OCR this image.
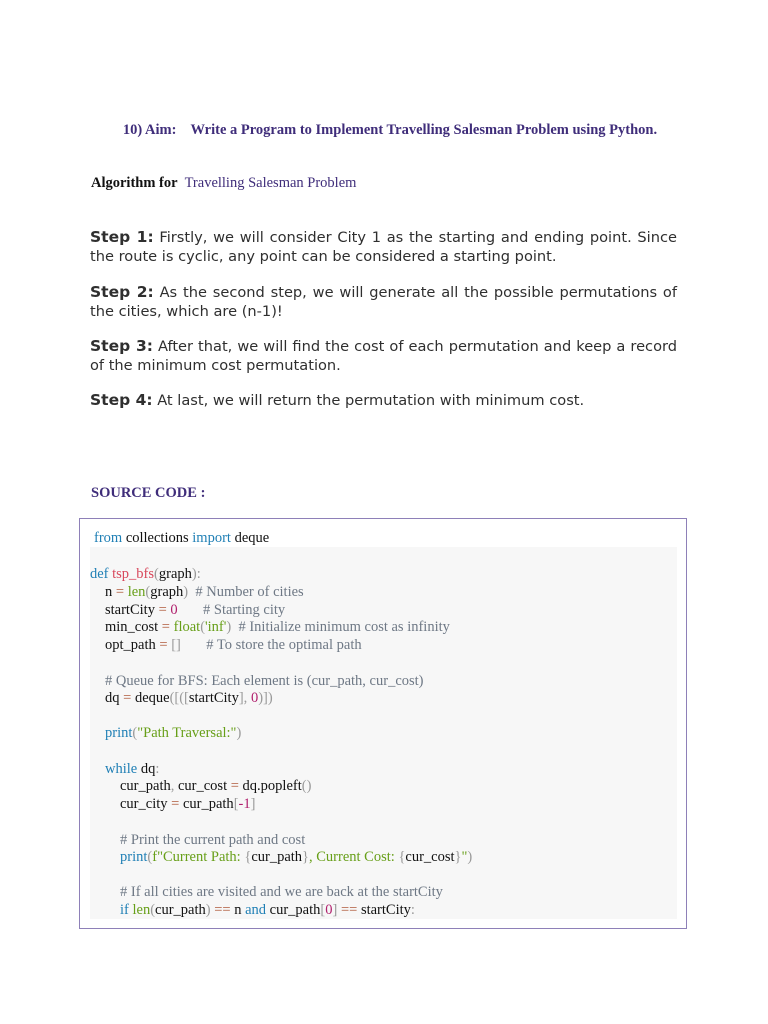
10) Aim: Write a Program to Implement Travelling Salesman Problem using Python.
Algorithm for Travelling Salesman Problem
Step 1: Firstly, we will consider City 1 as the starting and ending point. Since the route is cyclic, any point can be considered a starting point.
Step 2: As the second step, we will generate all the possible permutations of the cities, which are (n-1)!
Step 3: After that, we will find the cost of each permutation and keep a record of the minimum cost permutation.
Step 4: At last, we will return the permutation with minimum cost.
SOURCE CODE :
from collections import deque
def tsp_bfs(graph):
n = len(graph) # Number of cities
startCity = 0 # Starting city
min_cost = float('inf') # Initialize minimum cost as infinity
opt_path = [] # To store the optimal path
# Queue for BFS: Each element is (cur_path, cur_cost)
dq = deque([([startCity], 0)])
print("Path Traversal:")
while dq:
cur_path, cur_cost = dq.popleft()
cur_city = cur_path[-1]
# Print the current path and cost
print(f"Current Path: {cur_path}, Current Cost: {cur_cost}")
# If all cities are visited and we are back at the startCity
if len(cur_path) == n and cur_path[0] == startCity:
